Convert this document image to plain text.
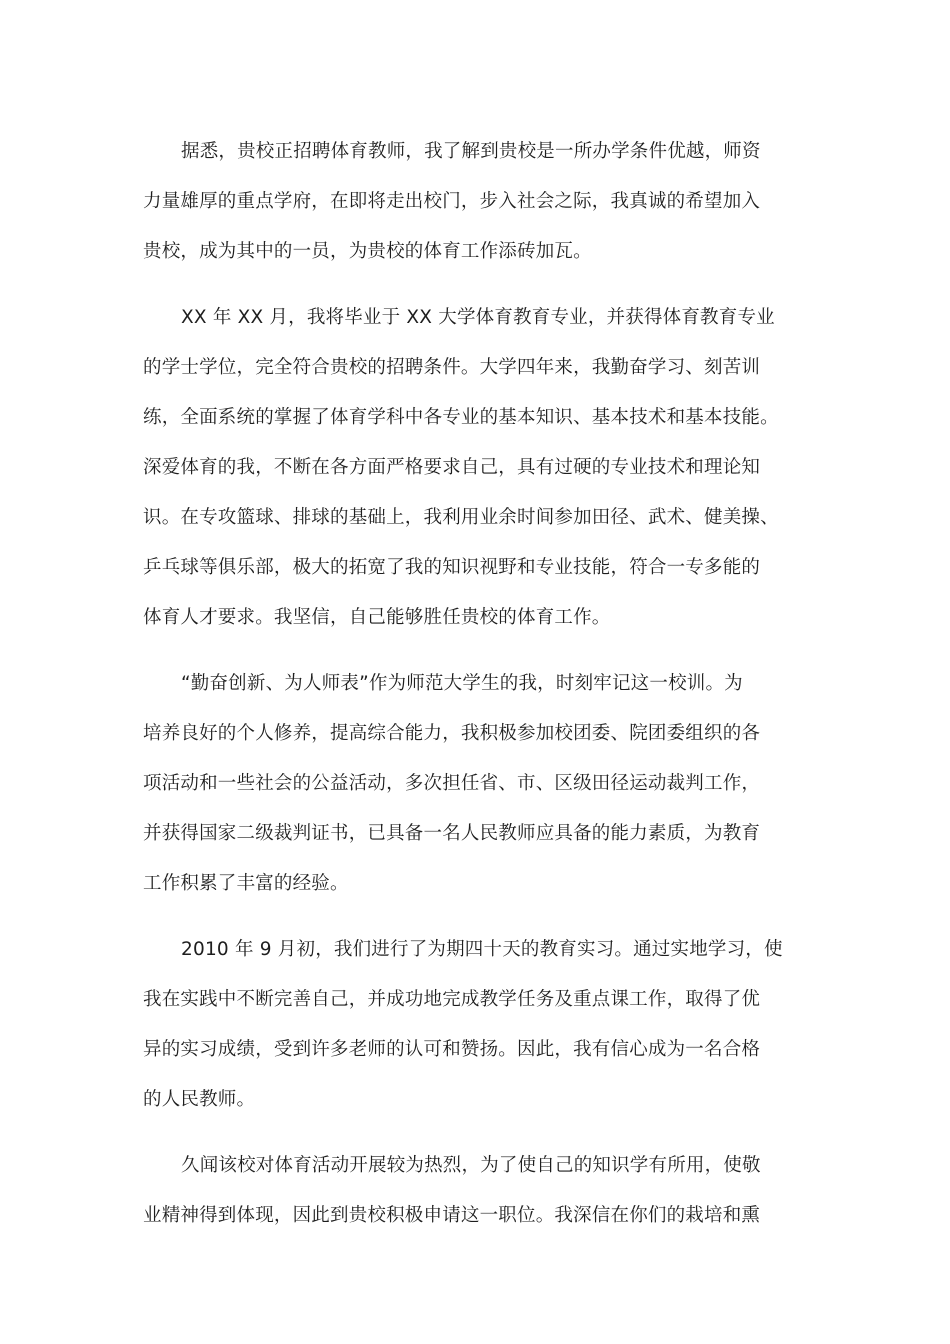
据悉，贵校正招聘体育教师，我了解到贵校是一所办学条件优越，师资
力量雄厚的重点学府，在即将走出校门，步入社会之际，我真诚的希望加入
贵校，成为其中的一员，为贵校的体育工作添砖加瓦。
XX 年 XX 月，我将毕业于 XX 大学体育教育专业，并获得体育教育专业
的学士学位，完全符合贵校的招聘条件。大学四年来，我勤奋学习、刻苦训
练，全面系统的掌握了体育学科中各专业的基本知识、基本技术和基本技能。
深爱体育的我，不断在各方面严格要求自己，具有过硬的专业技术和理论知
识。在专攻篮球、排球的基础上，我利用业余时间参加田径、武术、健美操、
乒乓球等俱乐部，极大的拓宽了我的知识视野和专业技能，符合一专多能的
体育人才要求。我坚信，自己能够胜任贵校的体育工作。
“勤奋创新、为人师表”作为师范大学生的我，时刻牢记这一校训。为
培养良好的个人修养，提高综合能力，我积极参加校团委、院团委组织的各
项活动和一些社会的公益活动，多次担任省、市、区级田径运动裁判工作，
并获得国家二级裁判证书，已具备一名人民教师应具备的能力素质，为教育
工作积累了丰富的经验。
2010 年 9 月初，我们进行了为期四十天的教育实习。通过实地学习，使
我在实践中不断完善自己，并成功地完成教学任务及重点课工作，取得了优
异的实习成绩，受到许多老师的认可和赞扬。因此，我有信心成为一名合格
的人民教师。
久闻该校对体育活动开展较为热烈，为了使自己的知识学有所用，使敬
业精神得到体现，因此到贵校积极申请这一职位。我深信在你们的栽培和熏
